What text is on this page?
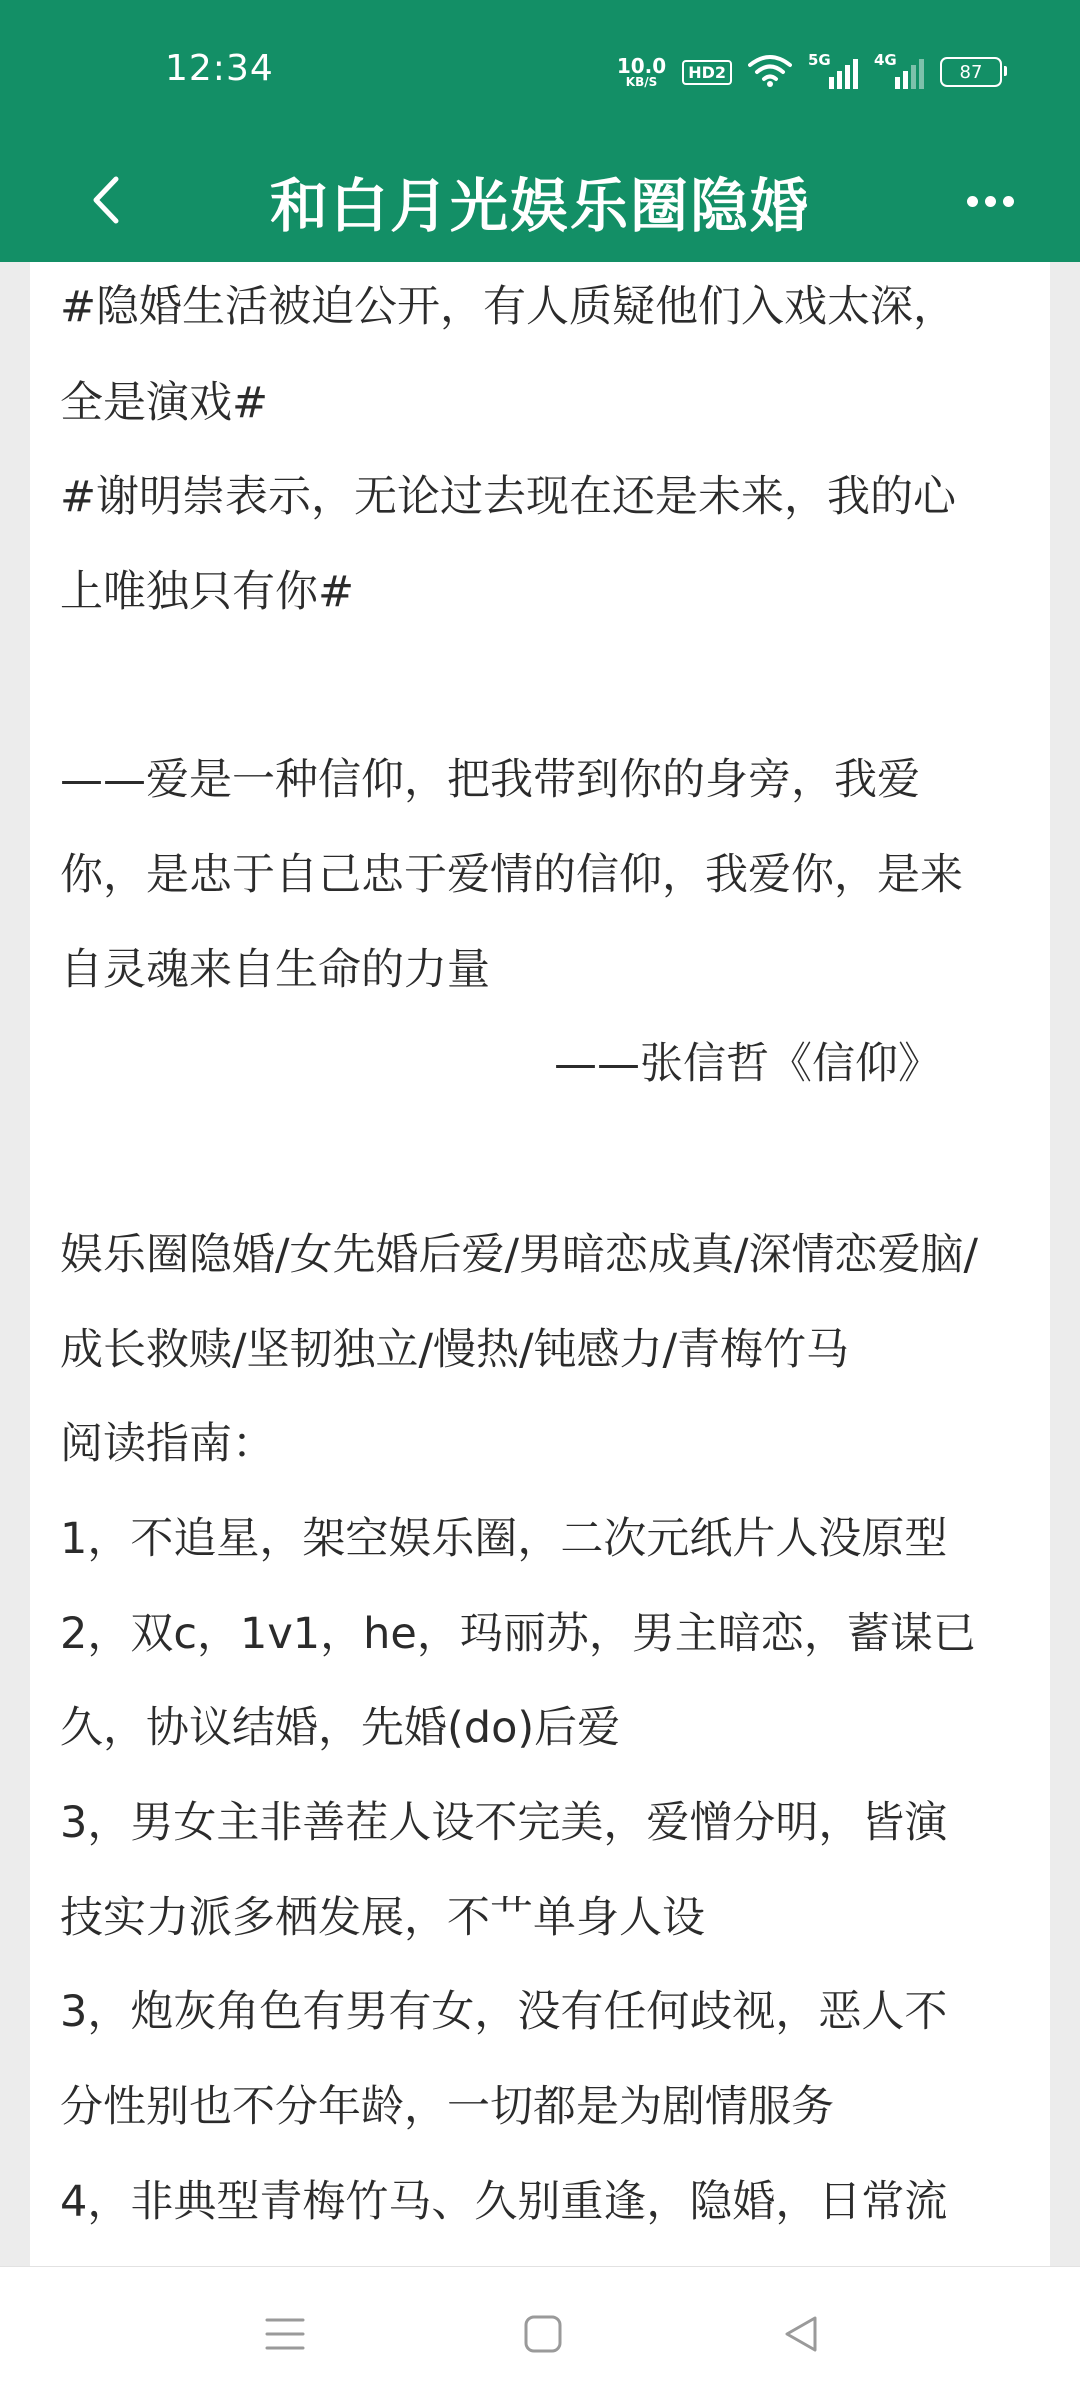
12:34	10.0
KB/S
HD2
5G	4G
87
和白月光娱乐圈隐婚
#隐婚生活被迫公开，有人质疑他们入戏太深，
全是演戏#
#谢明崇表示，无论过去现在还是未来，我的心
上唯独只有你#
——爱是一种信仰，把我带到你的身旁，我爱
你，是忠于自己忠于爱情的信仰，我爱你，是来
自灵魂来自生命的力量
——张信哲《信仰》
娱乐圈隐婚/女先婚后爱/男暗恋成真/深情恋爱脑/
成长救赎/坚韧独立/慢热/钝感力/青梅竹马
阅读指南：
1，不追星，架空娱乐圈，二次元纸片人没原型
2，双c，1v1，he，玛丽苏，男主暗恋，蓄谋已
久，协议结婚，先婚(do)后爱
3，男女主非善茬人设不完美，爱憎分明，皆演
技实力派多栖发展，不艹单身人设
3，炮灰角色有男有女，没有任何歧视，恶人不
分性别也不分年龄，一切都是为剧情服务
4，非典型青梅竹马、久别重逢，隐婚，日常流
